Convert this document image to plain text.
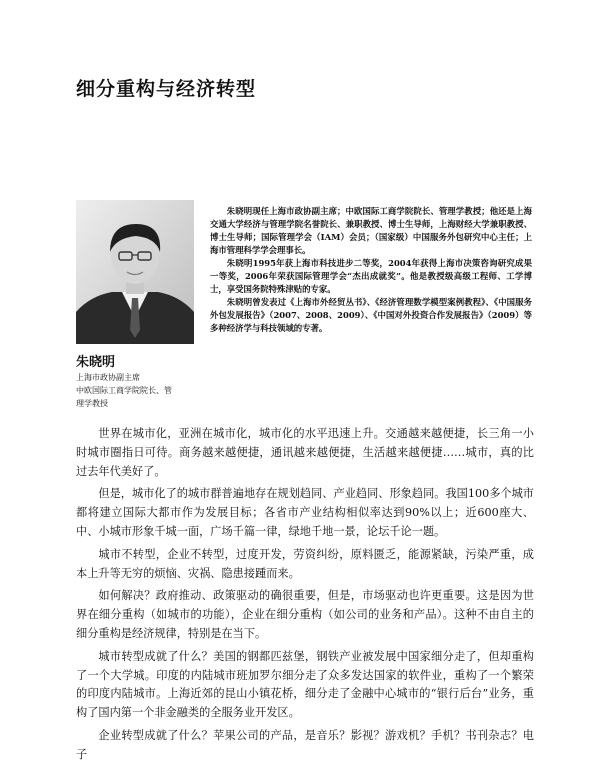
细分重构与经济转型
朱晓明
上海市政协副主席
中欧国际工商学院院长、管
理学教授

朱晓明现任上海市政协副主席；中欧国际工商学院院长、管理学教授；他还是上海交通大学经济与管理学院名誉院长、兼职教授、博士生导师，上海财经大学兼职教授、博士生导师；国际管理学会（IAM）会员；（国家级）中国服务外包研究中心主任；上海市管理科学学会理事长。

朱晓明1995年获上海市科技进步二等奖，2004年获得上海市决策咨询研究成果一等奖，2006年荣获国际管理学会“杰出成就奖”。他是教授级高级工程师、工学博士，享受国务院特殊津贴的专家。

朱晓明曾发表过《上海市外经贸丛书》、《经济管理数学模型案例教程》、《中国服务外包发展报告》（2007、2008、2009）、《中国对外投资合作发展报告》（2009）等多种经济学与科技领域的专著。

世界在城市化，亚洲在城市化，城市化的水平迅速上升。交通越来越便捷，长三角一小时城市圈指日可待。商务越来越便捷，通讯越来越便捷，生活越来越便捷……城市，真的比过去年代美好了。

但是，城市化了的城市群普遍地存在规划趋同、产业趋同、形象趋同。我国100多个城市都将建立国际大都市作为发展目标；各省市产业结构相似率达到90%以上；近600座大、中、小城市形象千城一面，广场千篇一律，绿地千地一景，论坛千论一题。

城市不转型，企业不转型，过度开发，劳资纠纷，原料匮乏，能源紧缺，污染严重，成本上升等无穷的烦恼、灾祸、隐患接踵而来。

如何解决？政府推动、政策驱动的确很重要，但是，市场驱动也许更重要。这是因为世界在细分重构（如城市的功能），企业在细分重构（如公司的业务和产品）。这种不由自主的细分重构是经济规律，特别是在当下。

城市转型成就了什么？美国的钢都匹兹堡，钢铁产业被发展中国家细分走了，但却重构了一个大学城。印度的内陆城市班加罗尔细分走了众多发达国家的软件业，重构了一个繁荣的印度内陆城市。上海近郊的昆山小镇花桥，细分走了金融中心城市的“银行后台”业务，重构了国内第一个非金融类的全服务业开发区。

企业转型成就了什么？苹果公司的产品，是音乐？影视？游戏机？手机？书刊杂志？电子
